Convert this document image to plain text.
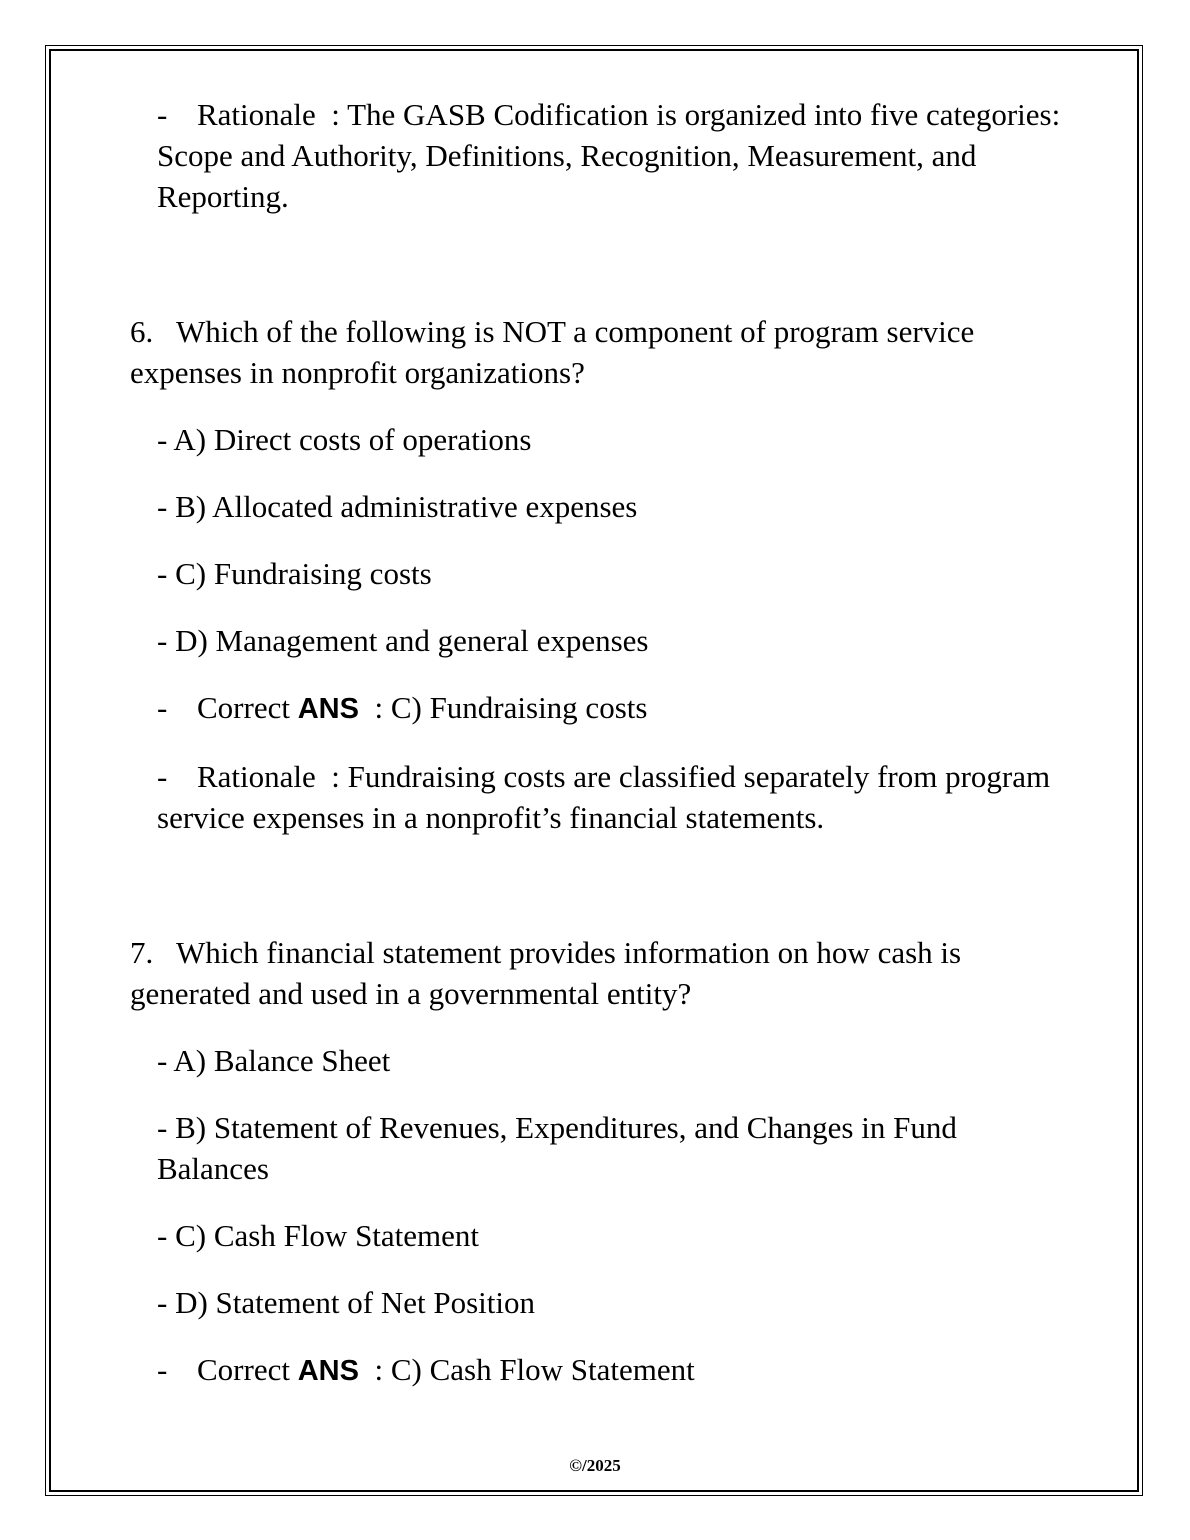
- Rationale : The GASB Codification is organized into five categories: Scope and Authority, Definitions, Recognition, Measurement, and Reporting.

6. Which of the following is NOT a component of program service expenses in nonprofit organizations?

- A) Direct costs of operations

- B) Allocated administrative expenses

- C) Fundraising costs

- D) Management and general expenses

- Correct ANS : C) Fundraising costs

- Rationale : Fundraising costs are classified separately from program service expenses in a nonprofit’s financial statements.

7. Which financial statement provides information on how cash is generated and used in a governmental entity?

- A) Balance Sheet

- B) Statement of Revenues, Expenditures, and Changes in Fund Balances

- C) Cash Flow Statement

- D) Statement of Net Position

- Correct ANS : C) Cash Flow Statement

©/2025
